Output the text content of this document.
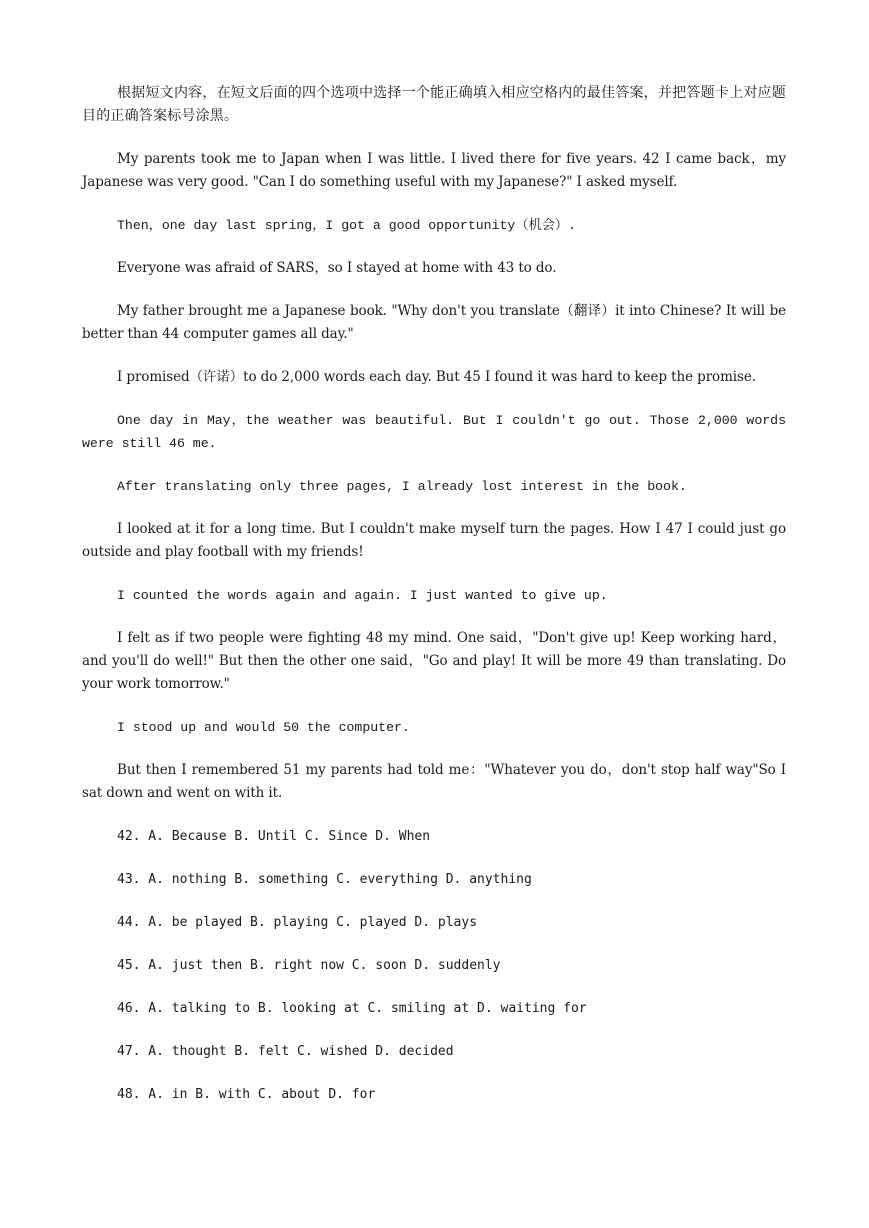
根据短文内容，在短文后面的四个选项中选择一个能正确填入相应空格内的最佳答案，并把答题卡上对应题目的正确答案标号涂黑。

My parents took me to Japan when I was little. I lived there for five years. 42 I came back，my Japanese was very good. "Can I do something useful with my Japanese?" I asked myself.

Then，one day last spring，I got a good opportunity（机会）.

Everyone was afraid of SARS，so I stayed at home with 43 to do.

My father brought me a Japanese book. "Why don't you translate（翻译）it into Chinese? It will be better than 44 computer games all day."

I promised（许诺）to do 2,000 words each day. But 45 I found it was hard to keep the promise.

One day in May，the weather was beautiful. But I couldn't go out. Those 2,000 words were still 46 me.

After translating only three pages, I already lost interest in the book.

I looked at it for a long time. But I couldn't make myself turn the pages. How I 47 I could just go outside and play football with my friends!

I counted the words again and again. I just wanted to give up.

I felt as if two people were fighting 48 my mind. One said，"Don't give up! Keep working hard，and you'll do well!" But then the other one said，"Go and play! It will be more 49 than translating. Do your work tomorrow."

I stood up and would 50 the computer.

But then I remembered 51 my parents had told me："Whatever you do，don't stop half way"So I sat down and went on with it.

42. A. Because B. Until C. Since D. When

43. A. nothing B. something C. everything D. anything

44. A. be played B. playing C. played D. plays

45. A. just then B. right now C. soon D. suddenly

46. A. talking to B. looking at C. smiling at D. waiting for

47. A. thought B. felt C. wished D. decided

48. A. in B. with C. about D. for
